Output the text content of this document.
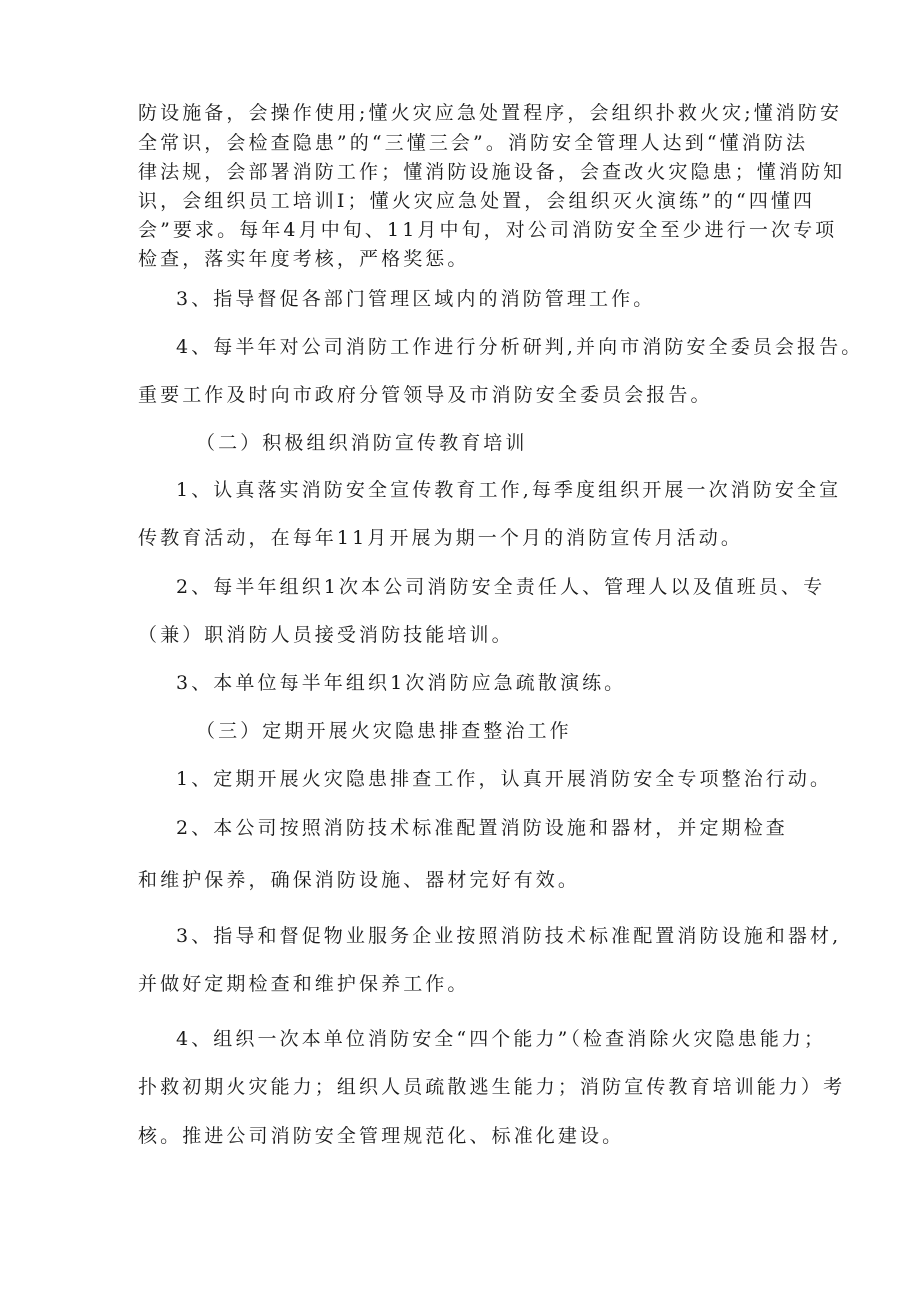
防设施备，会操作使用;懂火灾应急处置程序，会组织扑救火灾;懂消防安
全常识，会检查隐患”的“三懂三会”。消防安全管理人达到“懂消防法
律法规，会部署消防工作；懂消防设施设备，会查改火灾隐患；懂消防知
识，会组织员工培训I；懂火灾应急处置，会组织灭火演练”的“四懂四
会”要求。每年4月中旬、11月中旬，对公司消防安全至少进行一次专项
检查，落实年度考核，严格奖惩。
3、指导督促各部门管理区域内的消防管理工作。
4、每半年对公司消防工作进行分析研判,并向市消防安全委员会报告。
重要工作及时向市政府分管领导及市消防安全委员会报告。
（二）积极组织消防宣传教育培训
1、认真落实消防安全宣传教育工作,每季度组织开展一次消防安全宣
传教育活动，在每年11月开展为期一个月的消防宣传月活动。
2、每半年组织1次本公司消防安全责任人、管理人以及值班员、专
（兼）职消防人员接受消防技能培训。
3、本单位每半年组织1次消防应急疏散演练。
（三）定期开展火灾隐患排查整治工作
1、定期开展火灾隐患排查工作，认真开展消防安全专项整治行动。
2、本公司按照消防技术标准配置消防设施和器材，并定期检查
和维护保养，确保消防设施、器材完好有效。
3、指导和督促物业服务企业按照消防技术标准配置消防设施和器材,
并做好定期检查和维护保养工作。
4、组织一次本单位消防安全“四个能力”（检查消除火灾隐患能力；
扑救初期火灾能力；组织人员疏散逃生能力；消防宣传教育培训能力）考
核。推进公司消防安全管理规范化、标准化建设。
